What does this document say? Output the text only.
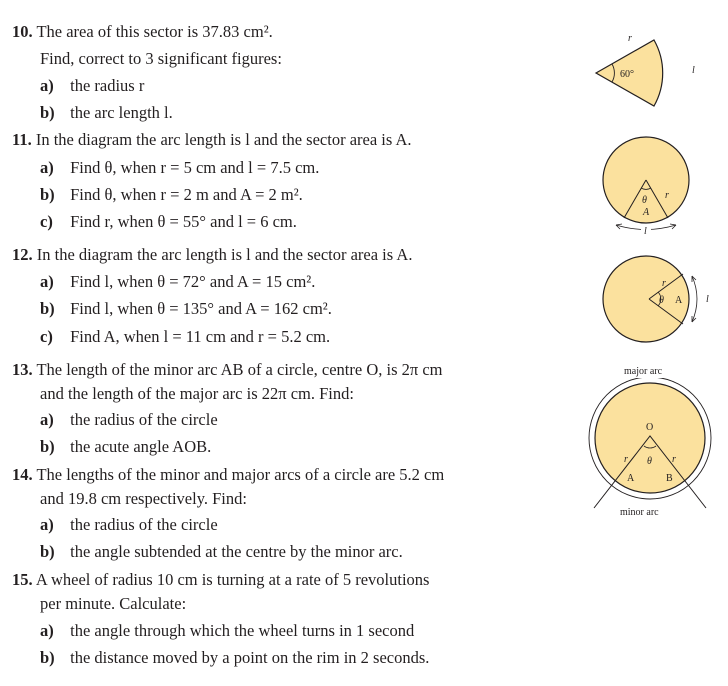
10. The area of this sector is 37.83 cm².
Find, correct to 3 significant figures:
a) the radius r
b) the arc length l.
11. In the diagram the arc length is l and the sector area is A.
a) Find θ, when r = 5 cm and l = 7.5 cm.
b) Find θ, when r = 2 m and A = 2 m².
c) Find r, when θ = 55° and l = 6 cm.
12. In the diagram the arc length is l and the sector area is A.
a) Find l, when θ = 72° and A = 15 cm².
b) Find l, when θ = 135° and A = 162 cm².
c) Find A, when l = 11 cm and r = 5.2 cm.
13. The length of the minor arc AB of a circle, centre O, is 2π cm
and the length of the major arc is 22π cm. Find:
a) the radius of the circle
b) the acute angle AOB.
14. The lengths of the minor and major arcs of a circle are 5.2 cm
and 19.8 cm respectively. Find:
a) the radius of the circle
b) the angle subtended at the centre by the minor arc.
15. A wheel of radius 10 cm is turning at a rate of 5 revolutions
per minute. Calculate:
a) the angle through which the wheel turns in 1 second
b) the distance moved by a point on the rim in 2 seconds.
r
60°	l
θ r
A
l
r
θ A l
major arc
O
θ
r	r
A	B
minor arc
